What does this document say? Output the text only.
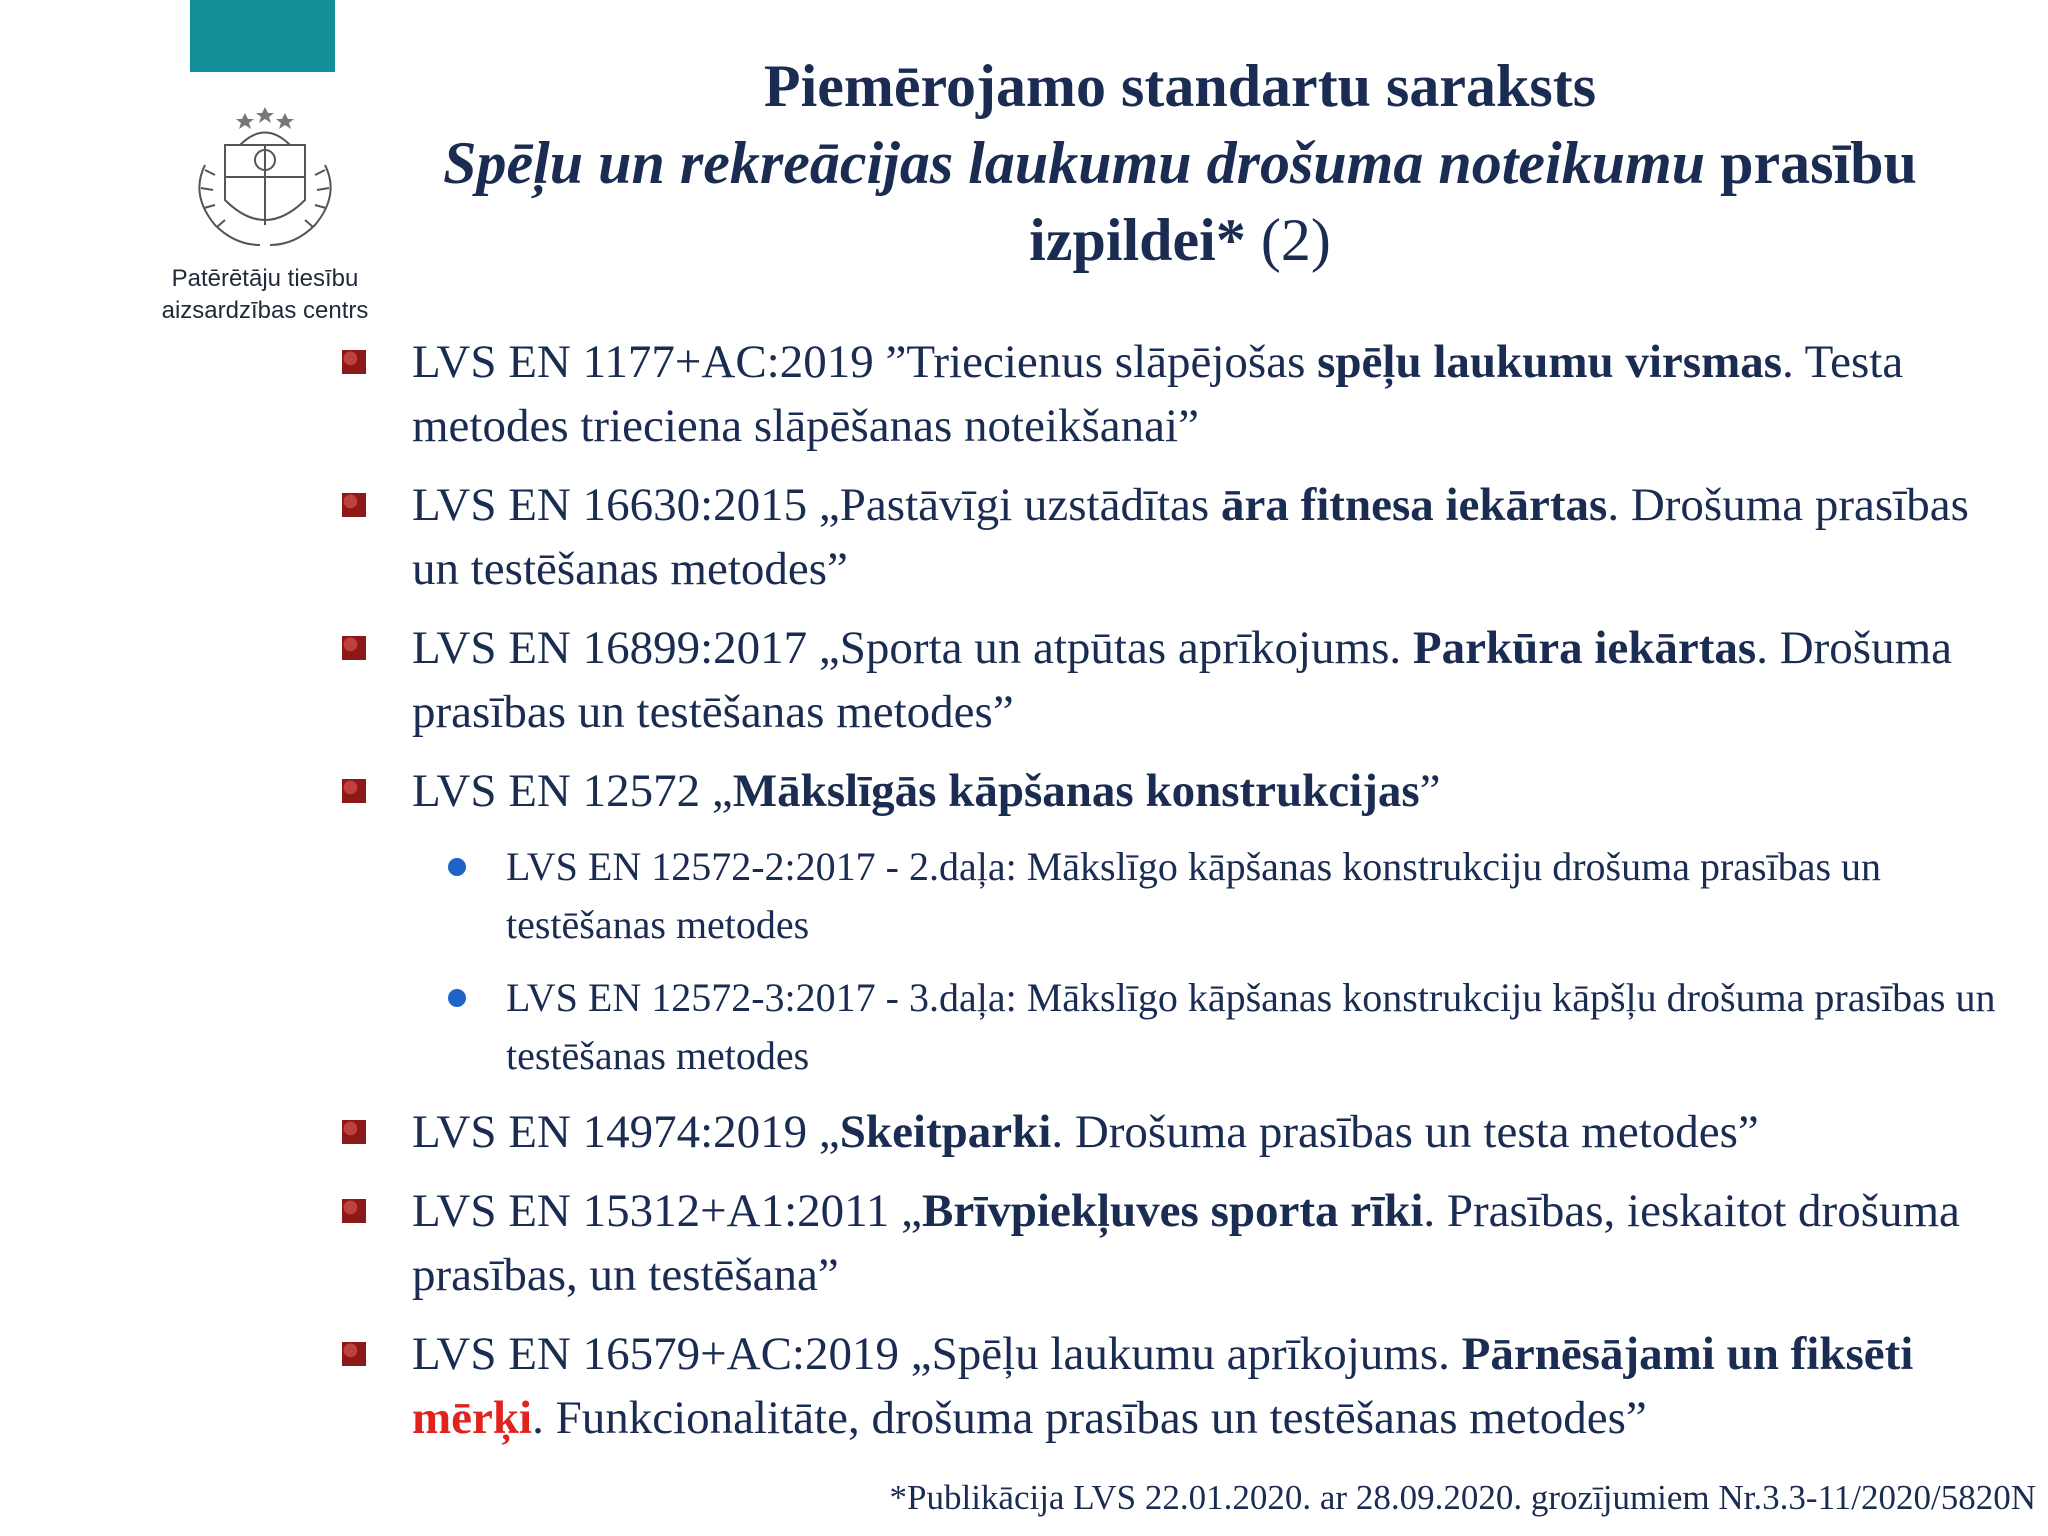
Patērētāju tiesību
aizsardzības centrs
Piemērojamo standartu saraksts
Spēļu un rekreācijas laukumu drošuma noteikumu prasību izpildei* (2)
LVS EN 1177+AC:2019 ”Triecienus slāpējošas spēļu laukumu virsmas. Testa metodes trieciena slāpēšanas noteikšanai”
LVS EN 16630:2015 „Pastāvīgi uzstādītas āra fitnesa iekārtas. Drošuma prasības un testēšanas metodes”
LVS EN 16899:2017 „Sporta un atpūtas aprīkojums. Parkūra iekārtas. Drošuma prasības un testēšanas metodes”
LVS EN 12572 „Mākslīgās kāpšanas konstrukcijas”
LVS EN 12572-2:2017 - 2.daļa: Mākslīgo kāpšanas konstrukciju drošuma prasības un testēšanas metodes
LVS EN 12572-3:2017 - 3.daļa: Mākslīgo kāpšanas konstrukciju kāpšļu drošuma prasības un testēšanas metodes
LVS EN 14974:2019 „Skeitparki. Drošuma prasības un testa metodes”
LVS EN 15312+A1:2011 „Brīvpiekļuves sporta rīki. Prasības, ieskaitot drošuma prasības, un testēšana”
LVS EN 16579+AC:2019 „Spēļu laukumu aprīkojums. Pārnēsājami un fiksēti mērķi. Funkcionalitāte, drošuma prasības un testēšanas metodes”
*Publikācija LVS 22.01.2020. ar 28.09.2020. grozījumiem Nr.3.3-11/2020/5820N
